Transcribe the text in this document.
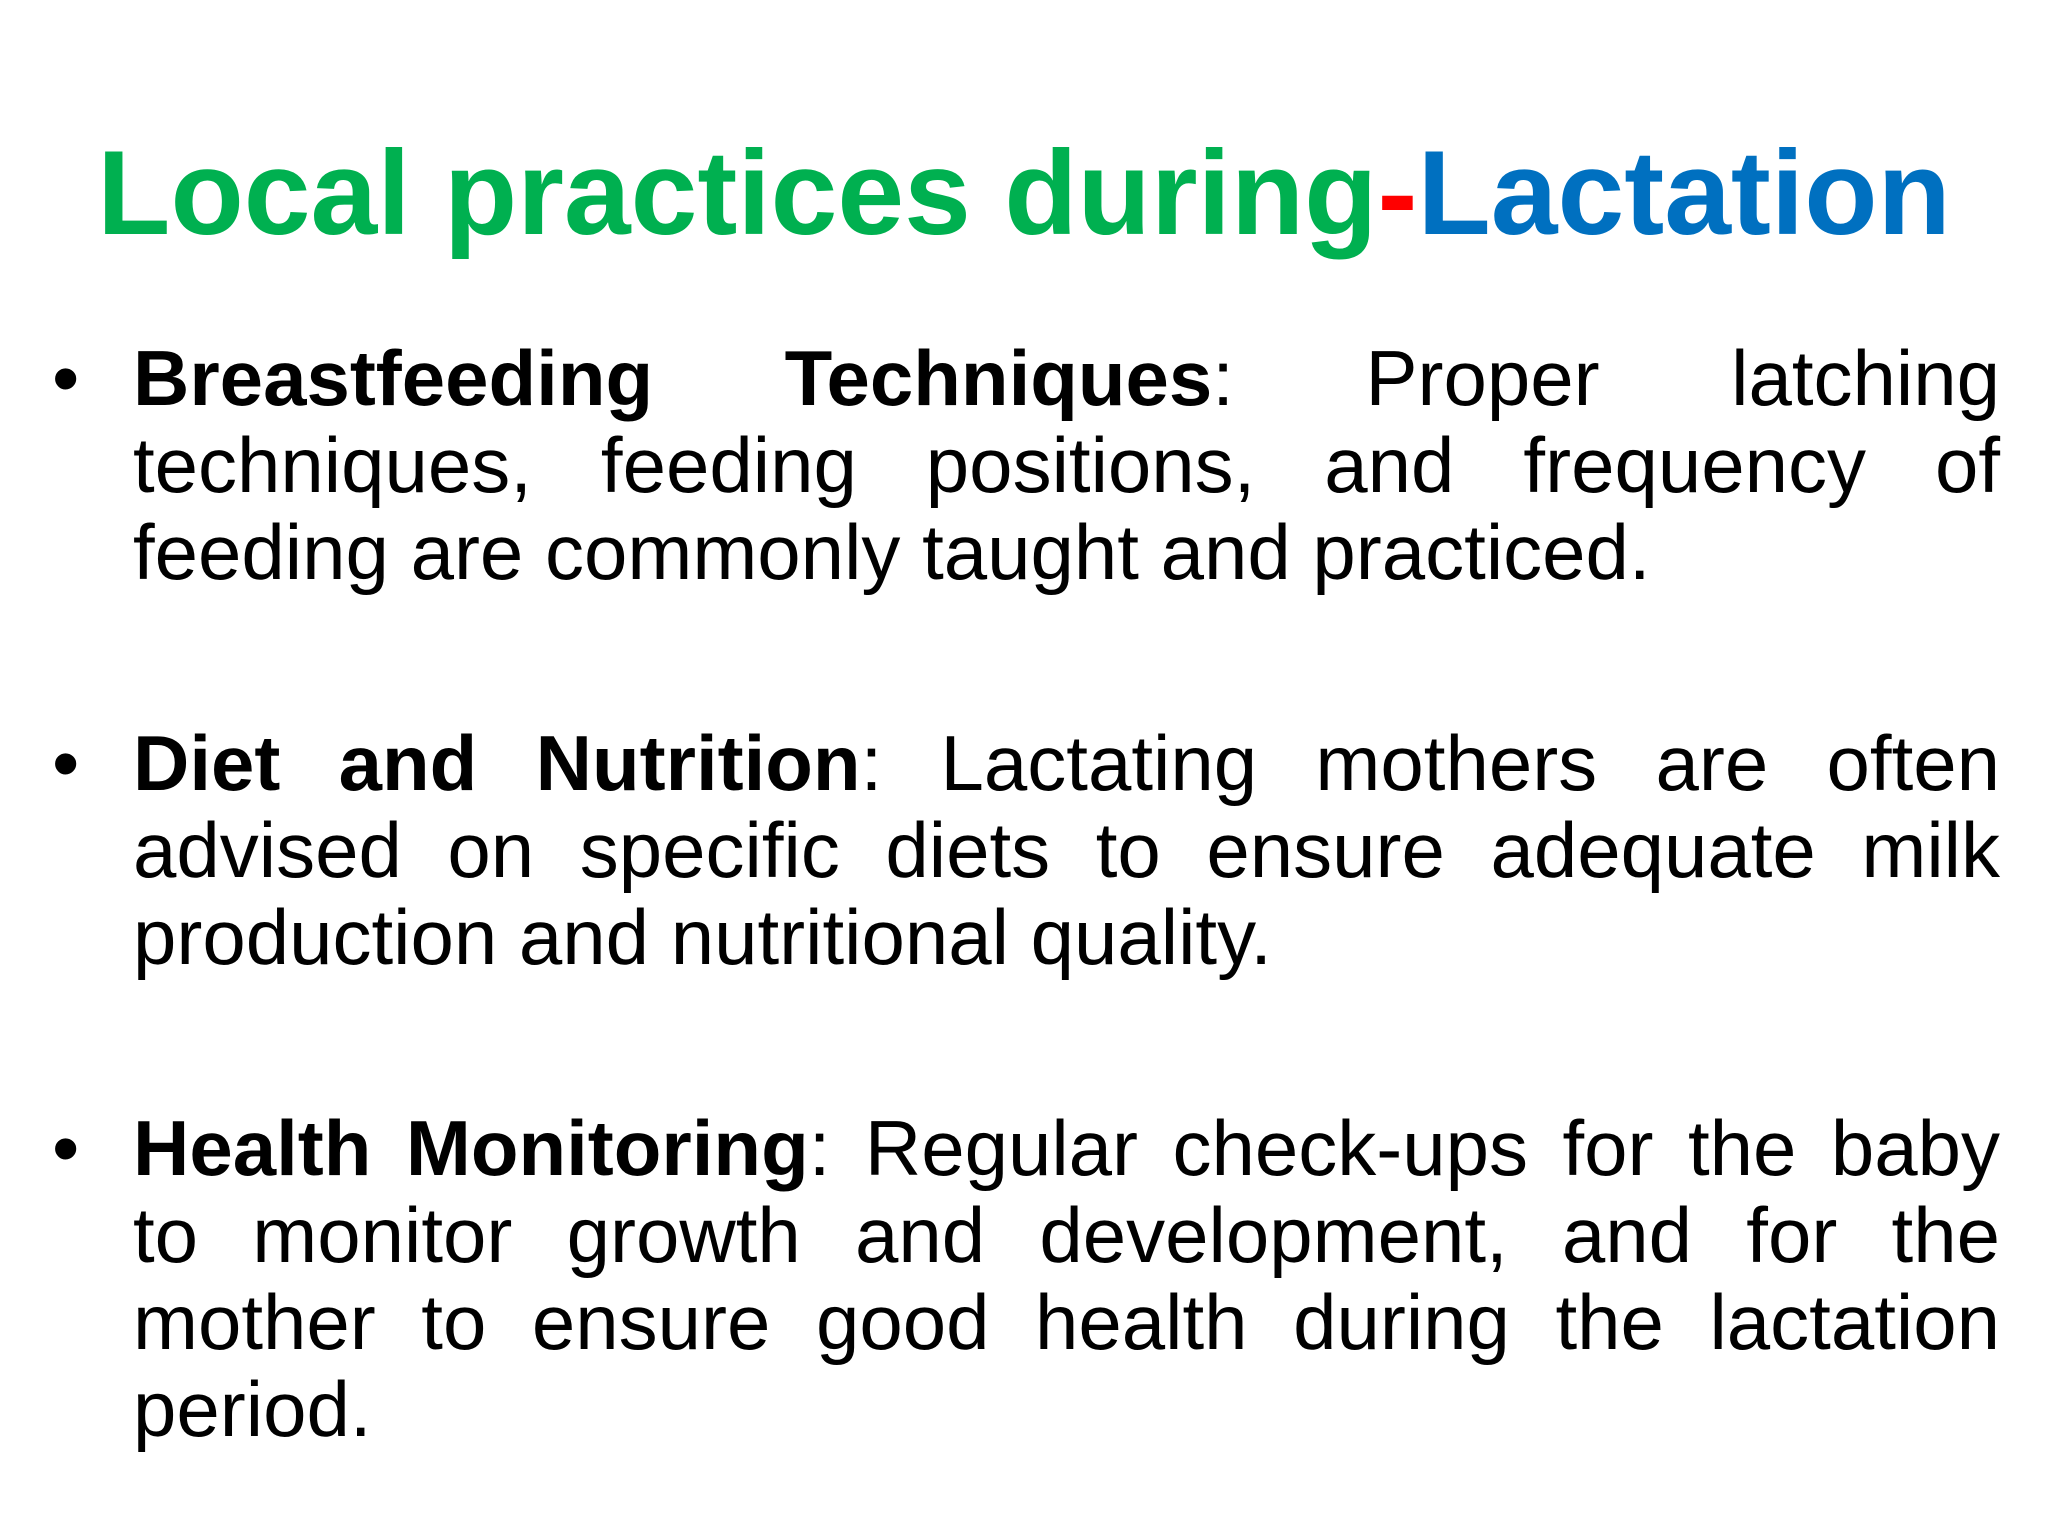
Local practices during-Lactation
• Breastfeeding Techniques: Proper latching techniques, feeding positions, and frequency of feeding are commonly taught and practiced.
• Diet and Nutrition: Lactating mothers are often advised on specific diets to ensure adequate milk production and nutritional quality.
• Health Monitoring: Regular check-ups for the baby to monitor growth and development, and for the mother to ensure good health during the lactation period.
